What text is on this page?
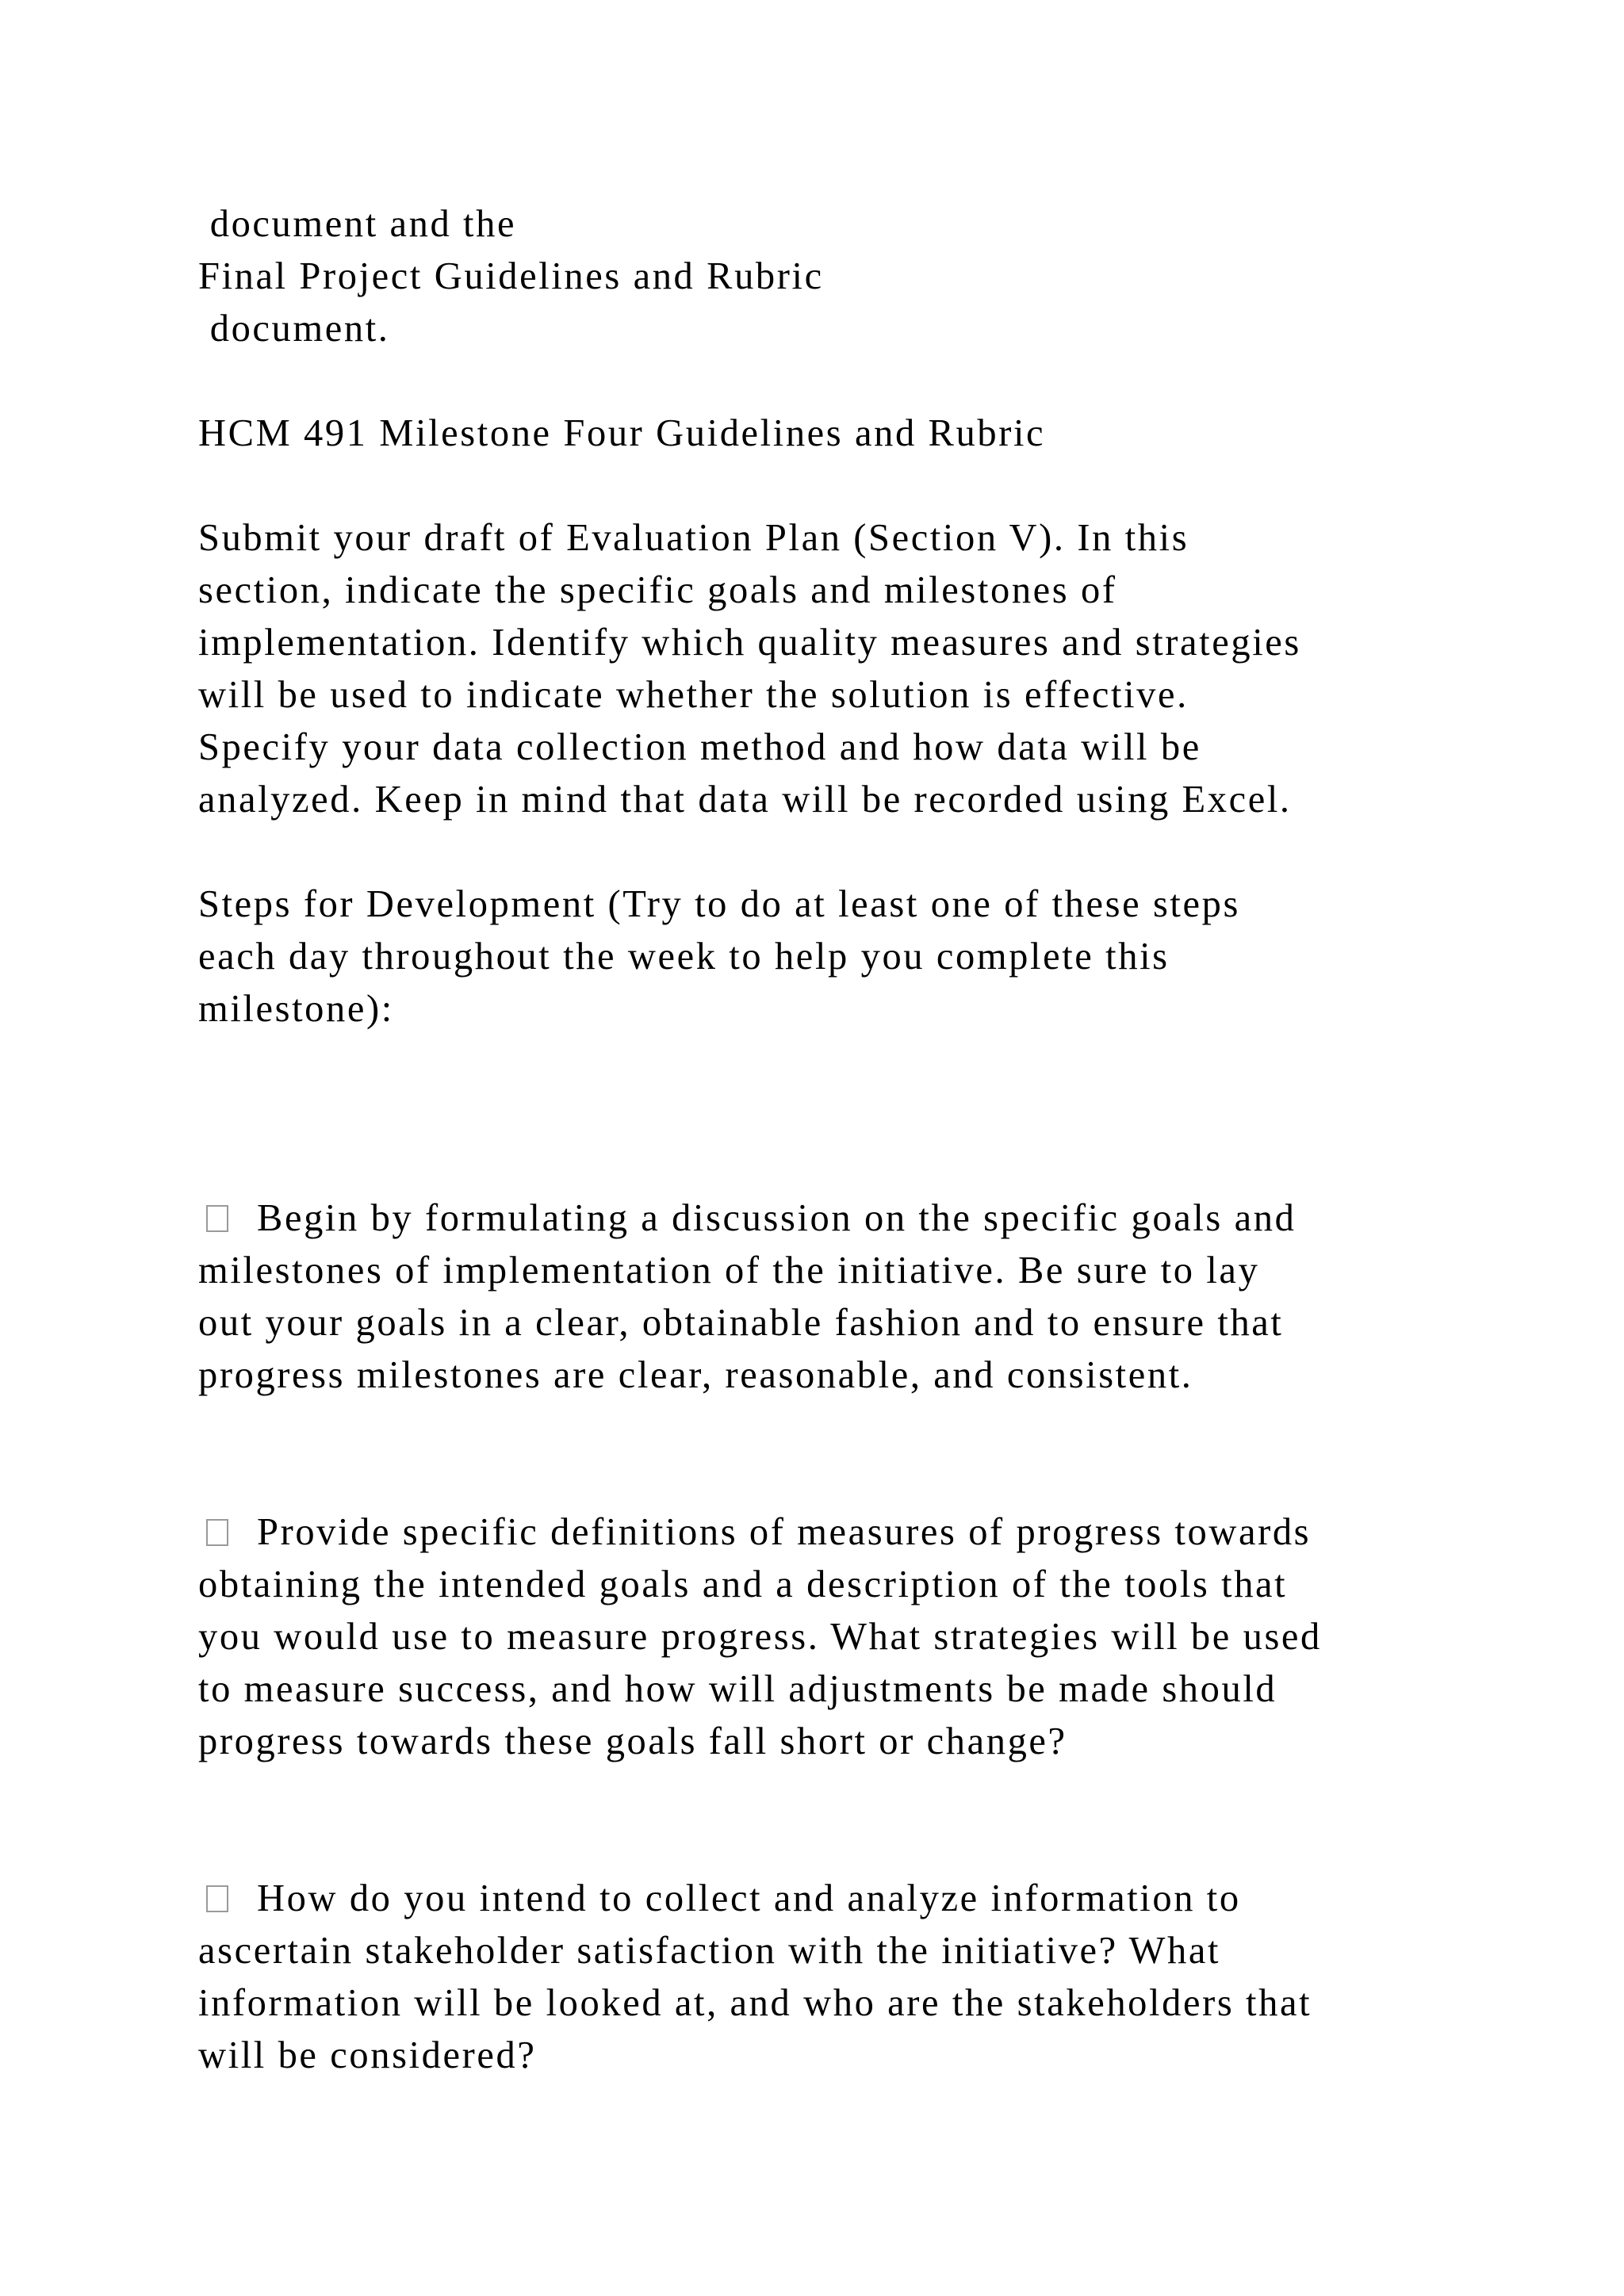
document and the
Final Project Guidelines and Rubric
document.
HCM 491 Milestone Four Guidelines and Rubric
Submit your draft of Evaluation Plan (Section V). In this
section, indicate the specific goals and milestones of
implementation. Identify which quality measures and strategies
will be used to indicate whether the solution is effective.
Specify your data collection method and how data will be
analyzed. Keep in mind that data will be recorded using Excel.
Steps for Development (Try to do at least one of these steps
each day throughout the week to help you complete this
milestone):
Begin by formulating a discussion on the specific goals and
milestones of implementation of the initiative. Be sure to lay
out your goals in a clear, obtainable fashion and to ensure that
progress milestones are clear, reasonable, and consistent.
Provide specific definitions of measures of progress towards
obtaining the intended goals and a description of the tools that
you would use to measure progress. What strategies will be used
to measure success, and how will adjustments be made should
progress towards these goals fall short or change?
How do you intend to collect and analyze information to
ascertain stakeholder satisfaction with the initiative? What
information will be looked at, and who are the stakeholders that
will be considered?
